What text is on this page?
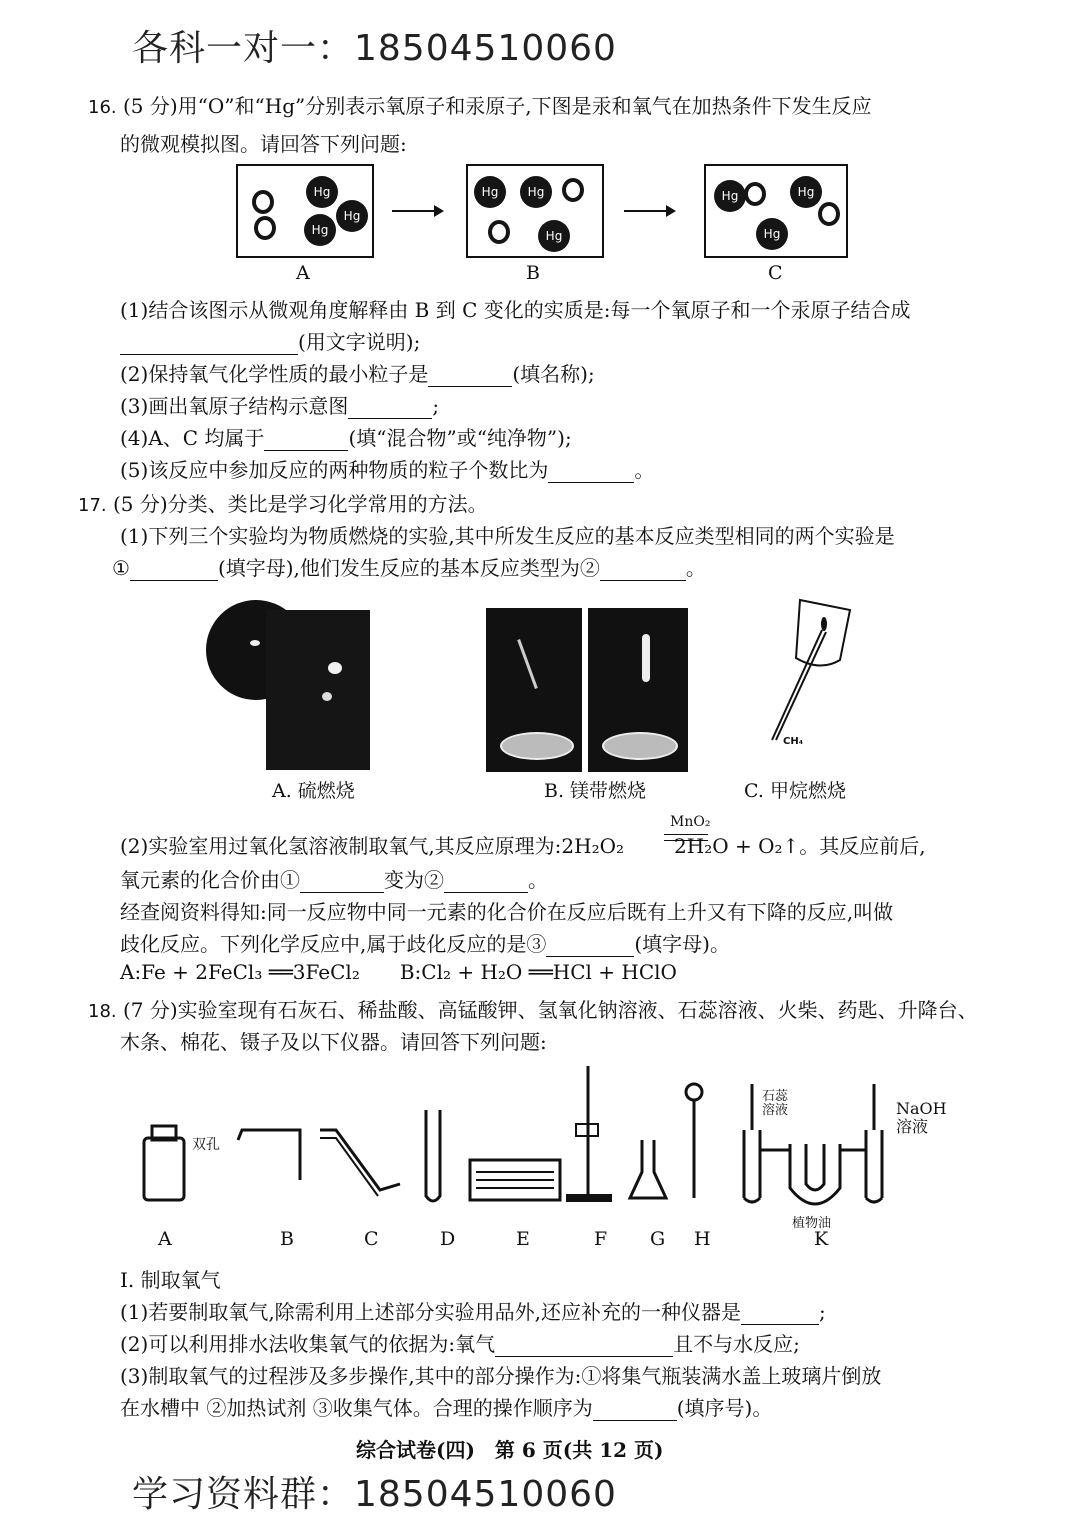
各科一对一：18504510060
学习资料群：18504510060
16. (5 分)用“O”和“Hg”分别表示氧原子和汞原子,下图是汞和氧气在加热条件下发生反应
的微观模拟图。请回答下列问题:
Hg
Hg
Hg
Hg Hg
Hg
Hg	Hg
Hg
A	B	C
(1)结合该图示从微观角度解释由 B 到 C 变化的实质是:每一个氧原子和一个汞原子结合成
(用文字说明);
(2)保持氧气化学性质的最小粒子是	(填名称);
(3)画出氧原子结构示意图	;
(4)A、C 均属于	(填“混合物”或“纯净物”);
(5)该反应中参加反应的两种物质的粒子个数比为	。
17. (5 分)分类、类比是学习化学常用的方法。
(1)下列三个实验均为物质燃烧的实验,其中所发生反应的基本反应类型相同的两个实验是
①	(填字母),他们发生反应的基本反应类型为②	。
CH₄
A. 硫燃烧	B. 镁带燃烧	C. 甲烷燃烧
MnO₂
(2)实验室用过氧化氢溶液制取氧气,其反应原理为:2H₂O₂	2H₂O + O₂↑。其反应前后,
氧元素的化合价由①	变为②	。
经查阅资料得知:同一反应物中同一元素的化合价在反应后既有上升又有下降的反应,叫做
歧化反应。下列化学反应中,属于歧化反应的是③	(填字母)。
A:Fe + 2FeCl₃ ══3FeCl₂ B:Cl₂ + H₂O ══HCl + HClO
18. (7 分)实验室现有石灰石、稀盐酸、高锰酸钾、氢氧化钠溶液、石蕊溶液、火柴、药匙、升降台、
木条、棉花、镊子及以下仪器。请回答下列问题:
双孔
石蕊溶液	NaOH
溶液
植物油
A	B	C	D	E	F G H	K
I. 制取氧气
(1)若要制取氧气,除需利用上述部分实验用品外,还应补充的一种仪器是	;
(2)可以利用排水法收集氧气的依据为:氧气	且不与水反应;
(3)制取氧气的过程涉及多步操作,其中的部分操作为:①将集气瓶装满水盖上玻璃片倒放
在水槽中 ②加热试剂 ③收集气体。合理的操作顺序为	(填序号)。
综合试卷(四)　第 6 页(共 12 页)
